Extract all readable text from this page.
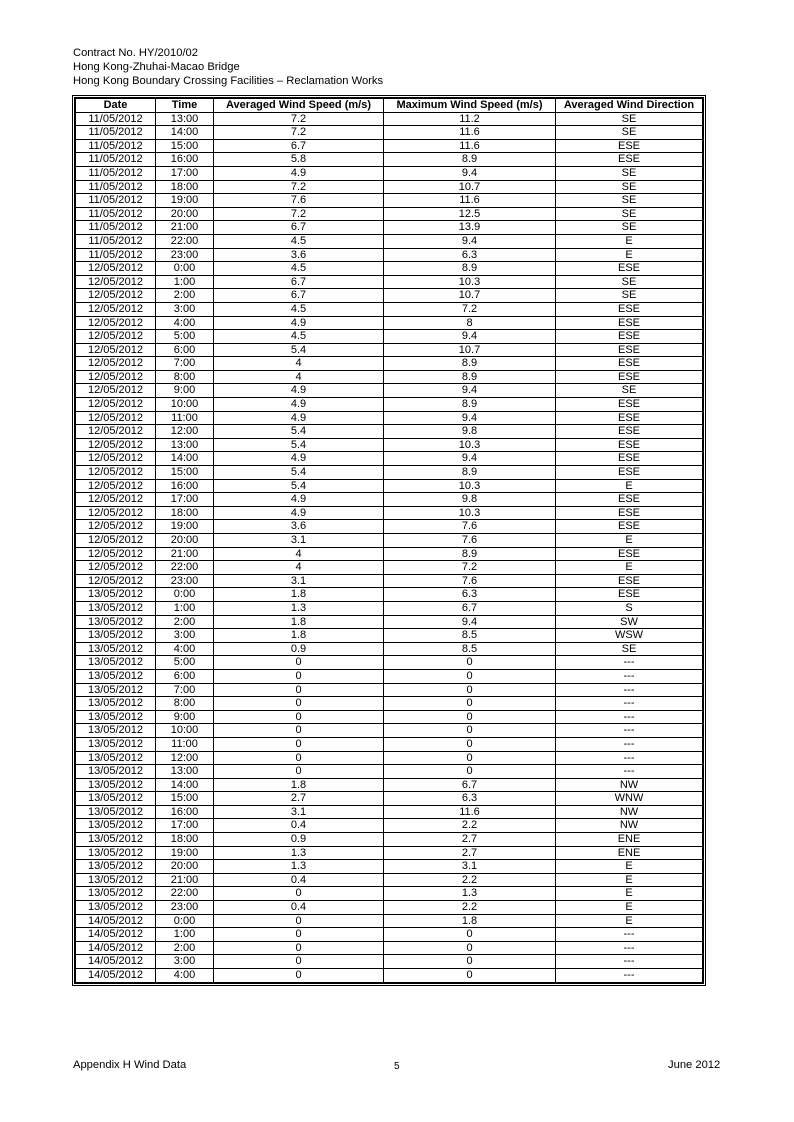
Contract No. HY/2010/02
Hong Kong-Zhuhai-Macao Bridge
Hong Kong Boundary Crossing Facilities – Reclamation Works
Date	Time	Averaged Wind Speed (m/s)	Maximum Wind Speed (m/s)	Averaged Wind Direction
11/05/2012	13:00	7.2	11.2	SE
11/05/2012	14:00	7.2	11.6	SE
11/05/2012	15:00	6.7	11.6	ESE
11/05/2012	16:00	5.8	8.9	ESE
11/05/2012	17:00	4.9	9.4	SE
11/05/2012	18:00	7.2	10.7	SE
11/05/2012	19:00	7.6	11.6	SE
11/05/2012	20:00	7.2	12.5	SE
11/05/2012	21:00	6.7	13.9	SE
11/05/2012	22:00	4.5	9.4	E
11/05/2012	23:00	3.6	6.3	E
12/05/2012	0:00	4.5	8.9	ESE
12/05/2012	1:00	6.7	10.3	SE
12/05/2012	2:00	6.7	10.7	SE
12/05/2012	3:00	4.5	7.2	ESE
12/05/2012	4:00	4.9	8	ESE
12/05/2012	5:00	4.5	9.4	ESE
12/05/2012	6:00	5.4	10.7	ESE
12/05/2012	7:00	4	8.9	ESE
12/05/2012	8:00	4	8.9	ESE
12/05/2012	9:00	4.9	9.4	SE
12/05/2012	10:00	4.9	8.9	ESE
12/05/2012	11:00	4.9	9.4	ESE
12/05/2012	12:00	5.4	9.8	ESE
12/05/2012	13:00	5.4	10.3	ESE
12/05/2012	14:00	4.9	9.4	ESE
12/05/2012	15:00	5.4	8.9	ESE
12/05/2012	16:00	5.4	10.3	E
12/05/2012	17:00	4.9	9.8	ESE
12/05/2012	18:00	4.9	10.3	ESE
12/05/2012	19:00	3.6	7.6	ESE
12/05/2012	20:00	3.1	7.6	E
12/05/2012	21:00	4	8.9	ESE
12/05/2012	22:00	4	7.2	E
12/05/2012	23:00	3.1	7.6	ESE
13/05/2012	0:00	1.8	6.3	ESE
13/05/2012	1:00	1.3	6.7	S
13/05/2012	2:00	1.8	9.4	SW
13/05/2012	3:00	1.8	8.5	WSW
13/05/2012	4:00	0.9	8.5	SE
13/05/2012	5:00	0	0	---
13/05/2012	6:00	0	0	---
13/05/2012	7:00	0	0	---
13/05/2012	8:00	0	0	---
13/05/2012	9:00	0	0	---
13/05/2012	10:00	0	0	---
13/05/2012	11:00	0	0	---
13/05/2012	12:00	0	0	---
13/05/2012	13:00	0	0	---
13/05/2012	14:00	1.8	6.7	NW
13/05/2012	15:00	2.7	6.3	WNW
13/05/2012	16:00	3.1	11.6	NW
13/05/2012	17:00	0.4	2.2	NW
13/05/2012	18:00	0.9	2.7	ENE
13/05/2012	19:00	1.3	2.7	ENE
13/05/2012	20:00	1.3	3.1	E
13/05/2012	21:00	0.4	2.2	E
13/05/2012	22:00	0	1.3	E
13/05/2012	23:00	0.4	2.2	E
14/05/2012	0:00	0	1.8	E
14/05/2012	1:00	0	0	---
14/05/2012	2:00	0	0	---
14/05/2012	3:00	0	0	---
14/05/2012	4:00	0	0	---
Appendix H Wind Data	5	June 2012
